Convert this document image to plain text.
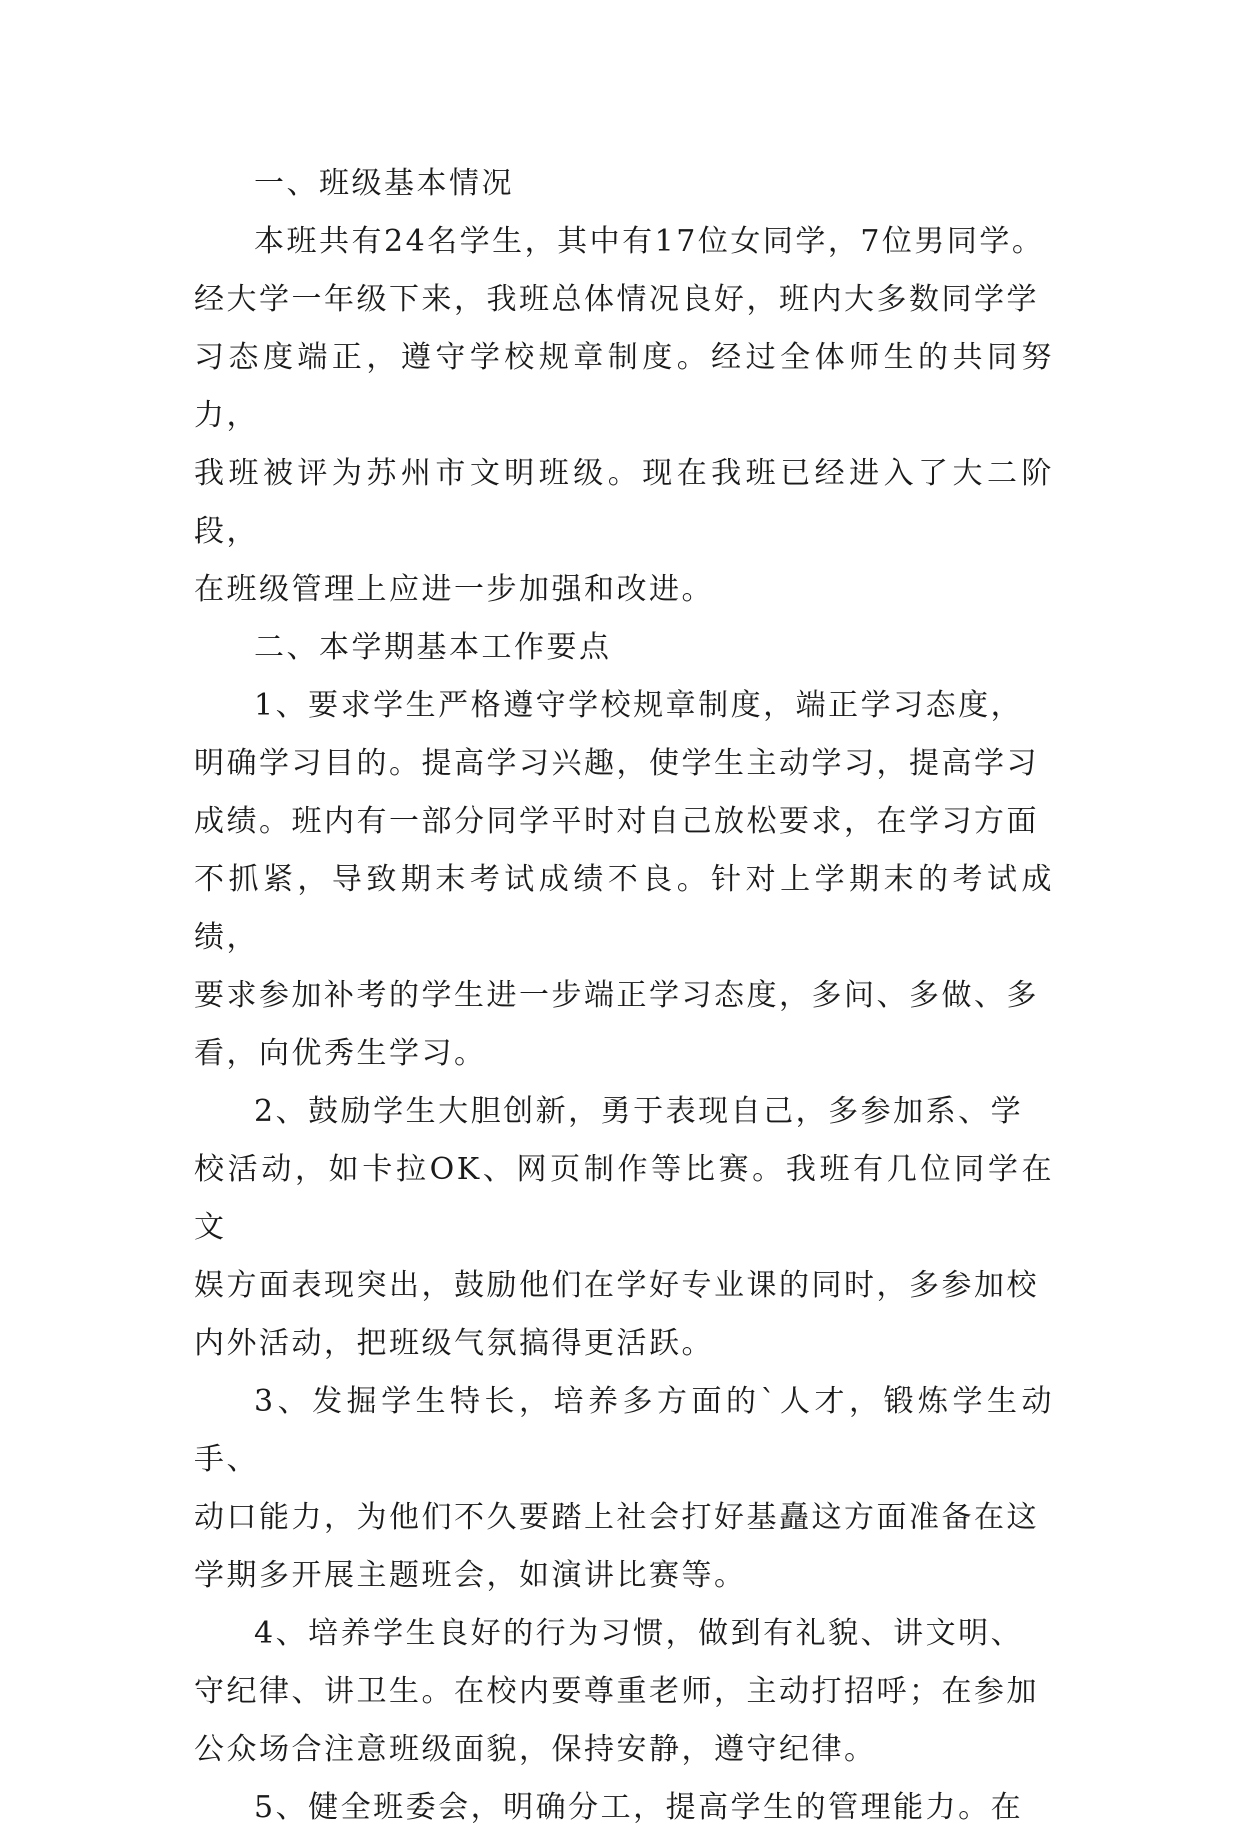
一、班级基本情况

本班共有24名学生，其中有17位女同学，7位男同学。
经大学一年级下来，我班总体情况良好，班内大多数同学学
习态度端正，遵守学校规章制度。经过全体师生的共同努力，
我班被评为苏州市文明班级。现在我班已经进入了大二阶段，
在班级管理上应进一步加强和改进。

二、本学期基本工作要点

1、要求学生严格遵守学校规章制度，端正学习态度，
明确学习目的。提高学习兴趣，使学生主动学习，提高学习
成绩。班内有一部分同学平时对自己放松要求，在学习方面
不抓紧，导致期末考试成绩不良。针对上学期末的考试成绩，
要求参加补考的学生进一步端正学习态度，多问、多做、多
看，向优秀生学习。

2、鼓励学生大胆创新，勇于表现自己，多参加系、学
校活动，如卡拉OK、网页制作等比赛。我班有几位同学在文
娱方面表现突出，鼓励他们在学好专业课的同时，多参加校
内外活动，把班级气氛搞得更活跃。

3、发掘学生特长，培养多方面的`人才，锻炼学生动手、
动口能力，为他们不久要踏上社会打好基矗这方面准备在这
学期多开展主题班会，如演讲比赛等。

4、培养学生良好的行为习惯，做到有礼貌、讲文明、
守纪律、讲卫生。在校内要尊重老师，主动打招呼；在参加
公众场合注意班级面貌，保持安静，遵守纪律。

5、健全班委会，明确分工，提高学生的管理能力。在
